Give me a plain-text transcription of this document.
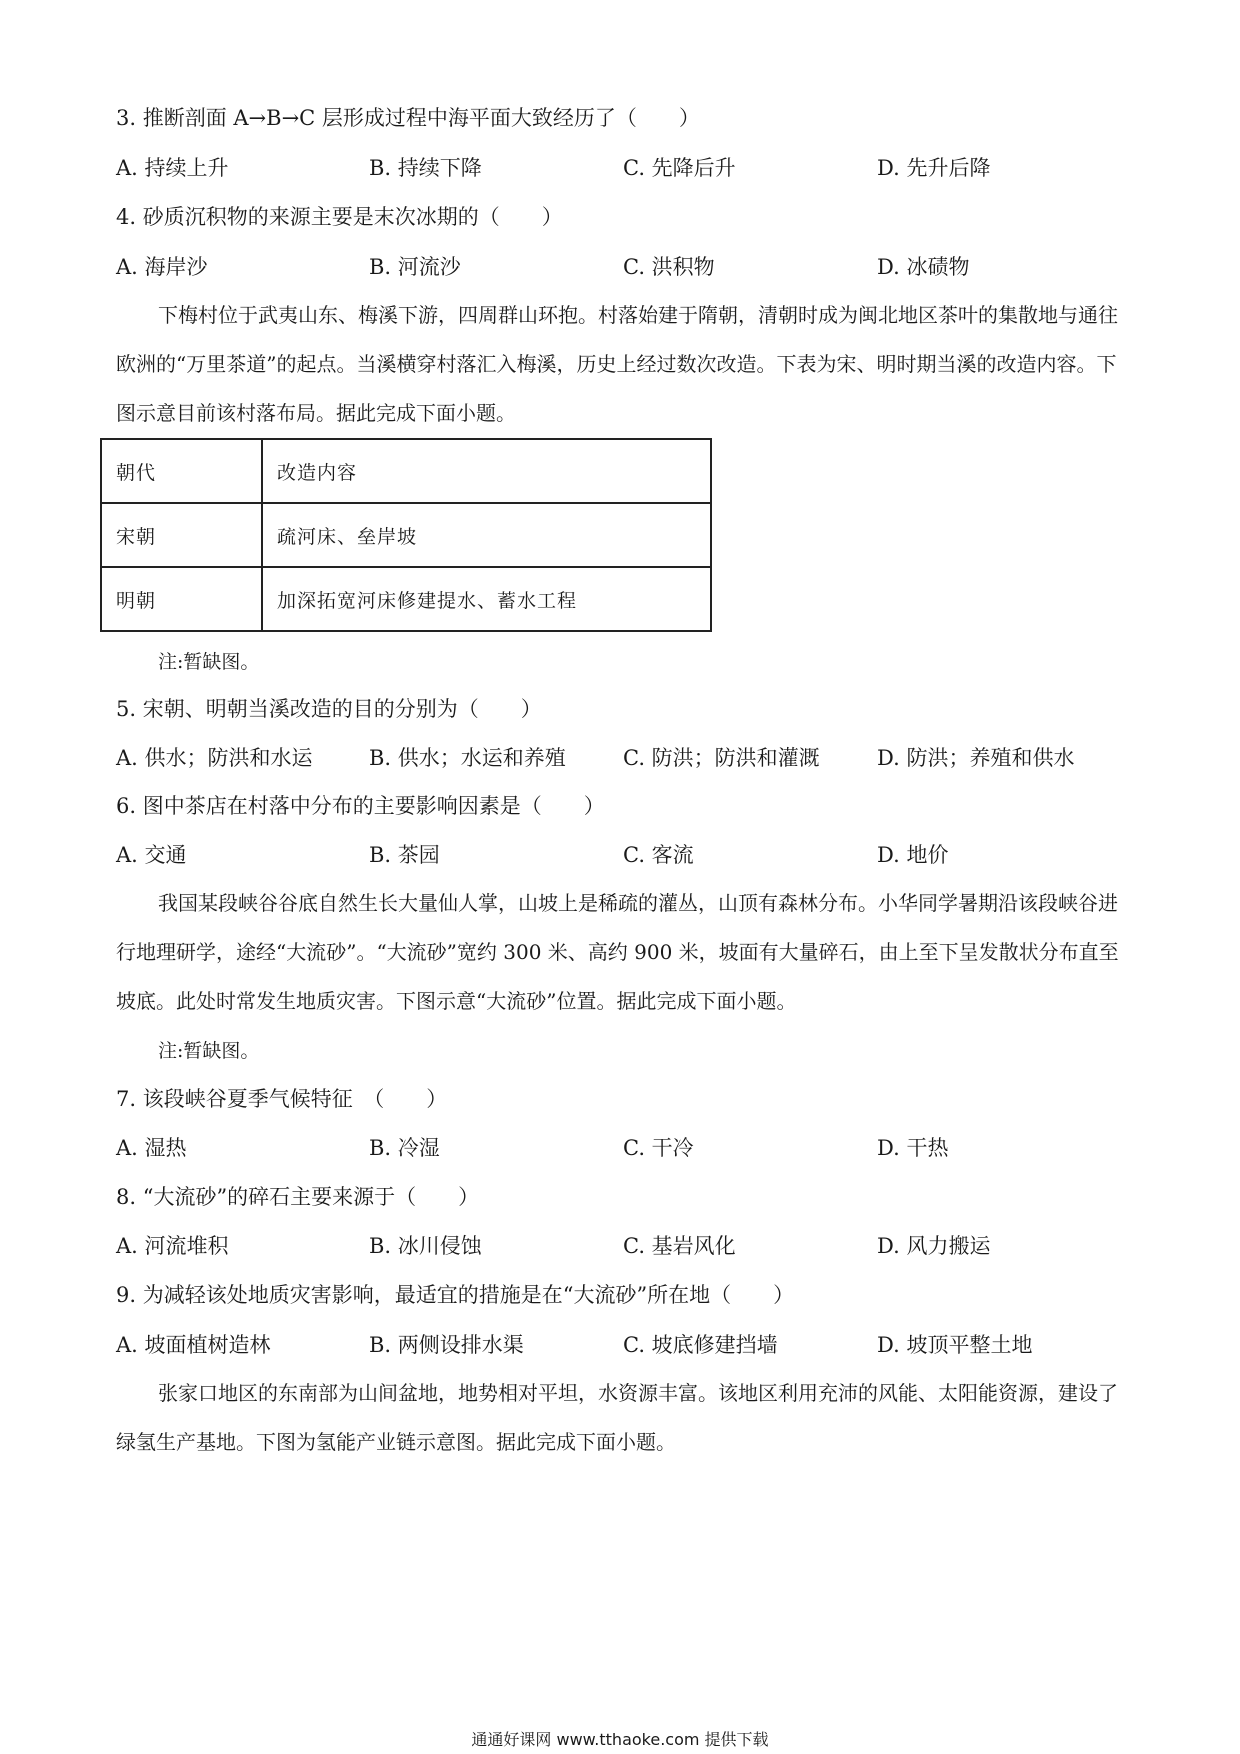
3. 推断剖面 A→B→C 层形成过程中海平面大致经历了（　　）
A. 持续上升	B. 持续下降	C. 先降后升	D. 先升后降
4. 砂质沉积物的来源主要是末次冰期的（　　）
A. 海岸沙	B. 河流沙	C. 洪积物	D. 冰碛物
下梅村位于武夷山东、梅溪下游，四周群山环抱。村落始建于隋朝，清朝时成为闽北地区茶叶的集散地与通往欧洲的“万里茶道”的起点。当溪横穿村落汇入梅溪，历史上经过数次改造。下表为宋、明时期当溪的改造内容。下图示意目前该村落布局。据此完成下面小题。
朝代	改造内容
宋朝	疏河床、垒岸坡
明朝	加深拓宽河床修建提水、蓄水工程
注:暂缺图。
5. 宋朝、明朝当溪改造的目的分别为（　　）
A. 供水；防洪和水运	B. 供水；水运和养殖	C. 防洪；防洪和灌溉	D. 防洪；养殖和供水
6. 图中茶店在村落中分布的主要影响因素是（　　）
A. 交通	B. 茶园	C. 客流	D. 地价
我国某段峡谷谷底自然生长大量仙人掌，山坡上是稀疏的灌丛，山顶有森林分布。小华同学暑期沿该段峡谷进行地理研学，途经“大流砂”。“大流砂”宽约 300 米、高约 900 米，坡面有大量碎石，由上至下呈发散状分布直至坡底。此处时常发生地质灾害。下图示意“大流砂”位置。据此完成下面小题。
注:暂缺图。
7. 该段峡谷夏季气候特征　（　　）
A. 湿热	B. 冷湿	C. 干冷	D. 干热
8. “大流砂”的碎石主要来源于（　　）
A. 河流堆积	B. 冰川侵蚀	C. 基岩风化	D. 风力搬运
9. 为减轻该处地质灾害影响，最适宜的措施是在“大流砂”所在地（　　）
A. 坡面植树造林	B. 两侧设排水渠	C. 坡底修建挡墙	D. 坡顶平整土地
张家口地区的东南部为山间盆地，地势相对平坦，水资源丰富。该地区利用充沛的风能、太阳能资源，建设了绿氢生产基地。下图为氢能产业链示意图。据此完成下面小题。
通通好课网 www.tthaoke.com 提供下载
